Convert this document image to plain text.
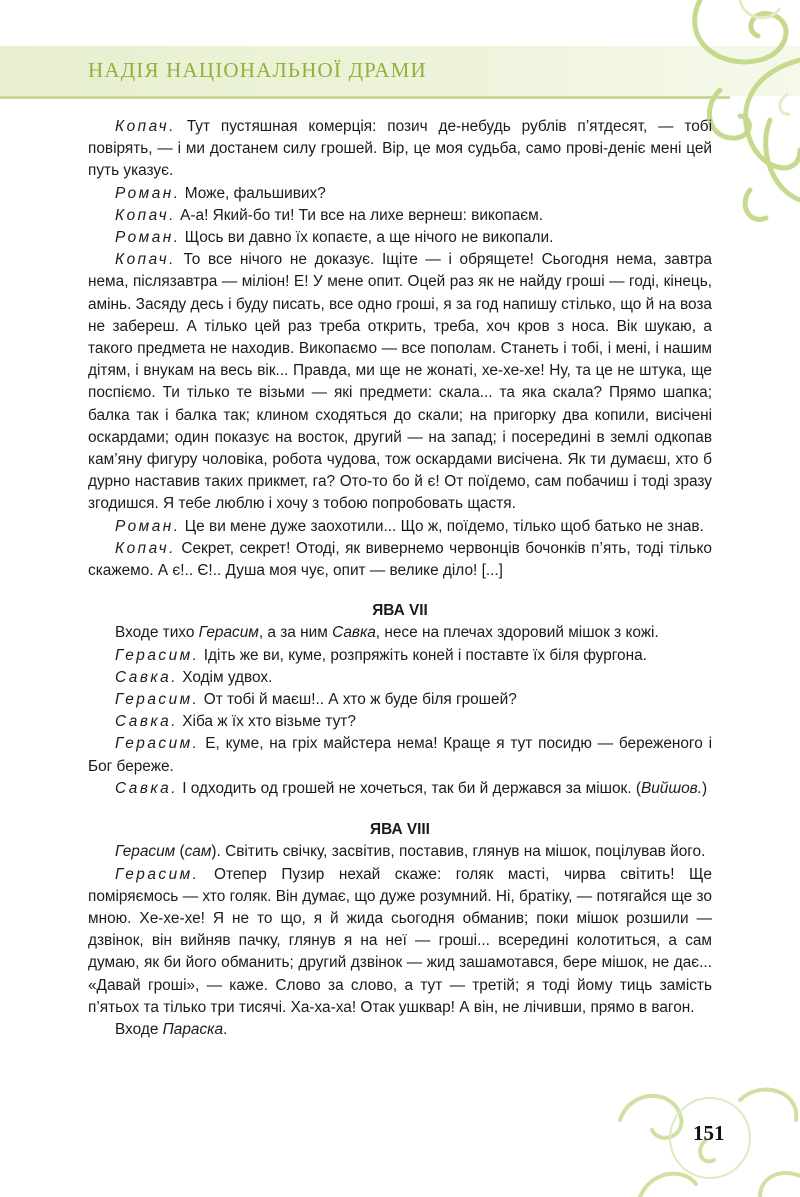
НАДІЯ НАЦІОНАЛЬНОЇ ДРАМИ

Копач. Тут пустяшная комерція: позич де-небудь рублів п’ятдесят, — тобі повірять, — і ми достанем силу грошей. Вір, це моя судьба, само прові-деніє мені цей путь указує.

Роман. Може, фальшивих?

Копач. А-а! Який-бо ти! Ти все на лихе вернеш: викопаєм.

Роман. Щось ви давно їх копаєте, а ще нічого не викопали.

Копач. То все нічого не доказує. Іщіте — і обрящете! Сьогодня нема, завтра нема, післязавтра — міліон! Е! У мене опит. Оцей раз як не найду гроші — годі, кінець, амінь. Засяду десь і буду писать, все одно гроші, я за год напишу стілько, що й на воза не забереш. А тілько цей раз треба открить, треба, хоч кров з носа. Вік шукаю, а такого предмета не находив. Викопаємо — все пополам. Станеть і тобі, і мені, і нашим дітям, і внукам на весь вік... Правда, ми ще не жонаті, хе-хе-хе! Ну, та це не штука, ще поспіємо. Ти тілько те візьми — які предмети: скала... та яка скала? Прямо шапка; балка так і балка так; клином сходяться до скали; на пригорку два копили, висічені оскардами; один показує на восток, другий — на запад; і посередині в землі одкопав кам’яну фигуру чоловіка, робота чудова, тож оскардами висічена. Як ти думаєш, хто б дурно наставив таких прикмет, га? Ото-то бо й є! От поїдемо, сам побачиш і тоді зразу згодишся. Я тебе люблю і хочу з тобою попробовать щастя.

Роман. Це ви мене дуже заохотили... Що ж, поїдемо, тілько щоб батько не знав.

Копач. Секрет, секрет! Отоді, як вивернемо червонців бочонків п’ять, тоді тілько скажемо. А є!.. Є!.. Душа моя чує, опит — велике діло! [...]

ЯВА VII

Входе тихо Герасим, а за ним Савка, несе на плечах здоровий мішок з кожі.

Герасим. Ідіть же ви, куме, розпряжіть коней і поставте їх біля фургона.

Савка. Ходім удвох.

Герасим. От тобі й маєш!.. А хто ж буде біля грошей?

Савка. Хіба ж їх хто візьме тут?

Герасим. Е, куме, на гріх майстера нема! Краще я тут посидю — береженого і Бог береже.

Савка. І одходить од грошей не хочеться, так би й держався за мішок. (Вийшов.)

ЯВА VIII

Герасим (сам). Світить свічку, засвітив, поставив, глянув на мішок, поцілував його.

Герасим. Отепер Пузир нехай скаже: голяк масті, чирва світить! Ще поміряємось — хто голяк. Він думає, що дуже розумний. Ні, братіку, — потягайся ще зо мною. Хе-хе-хе! Я не то що, я й жида сьогодня обманив; поки мішок розшили — дзвінок, він вийняв пачку, глянув я на неї — гроші... всередині колотиться, а сам думаю, як би його обманить; другий дзвінок — жид зашамотався, бере мішок, не дає... «Давай гроші», — каже. Слово за слово, а тут — третій; я тоді йому тиць замість п’ятьох та тілько три тисячі. Ха-ха-ха! Отак ушквар! А він, не лічивши, прямо в вагон.

Входе Параска.

151
